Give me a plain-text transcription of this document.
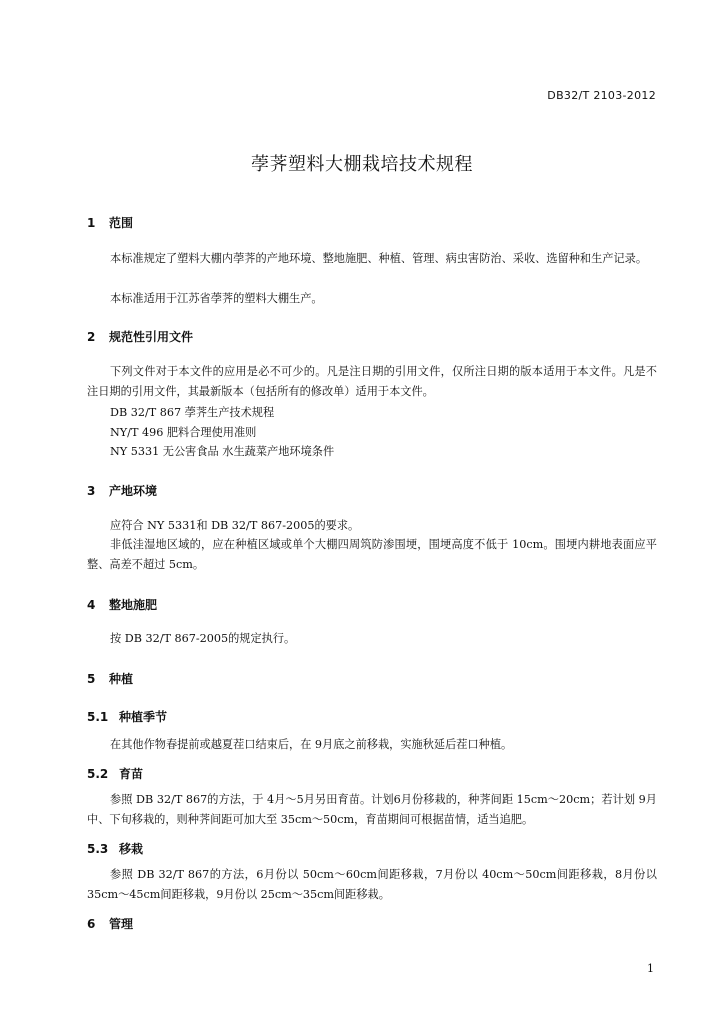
DB32/T 2103-2012
荸荠塑料大棚栽培技术规程
1 范围
本标准规定了塑料大棚内荸荠的产地环境、整地施肥、种植、管理、病虫害防治、采收、选留种和生产记录。
本标准适用于江苏省荸荠的塑料大棚生产。
2 规范性引用文件
下列文件对于本文件的应用是必不可少的。凡是注日期的引用文件，仅所注日期的版本适用于本文件。凡是不注日期的引用文件，其最新版本（包括所有的修改单）适用于本文件。
DB 32/T 867 荸荠生产技术规程
NY/T 496 肥料合理使用准则
NY 5331 无公害食品 水生蔬菜产地环境条件
3 产地环境
应符合 NY 5331和 DB 32/T 867-2005的要求。
非低洼湿地区域的，应在种植区域或单个大棚四周筑防渗围埂，围埂高度不低于 10cm。围埂内耕地表面应平整、高差不超过 5cm。
4 整地施肥
按 DB 32/T 867-2005的规定执行。
5 种植
5.1 种植季节
在其他作物春提前或越夏茬口结束后，在 9月底之前移栽，实施秋延后茬口种植。
5.2 育苗
参照 DB 32/T 867的方法，于 4月～5月另田育苗。计划6月份移栽的，种荠间距 15cm～20cm；若计划 9月中、下旬移栽的，则种荠间距可加大至 35cm～50cm，育苗期间可根据苗情，适当追肥。
5.3 移栽
参照 DB 32/T 867的方法，6月份以 50cm～60cm间距移栽，7月份以 40cm～50cm间距移栽，8月份以 35cm～45cm间距移栽，9月份以 25cm～35cm间距移栽。
6 管理
1
